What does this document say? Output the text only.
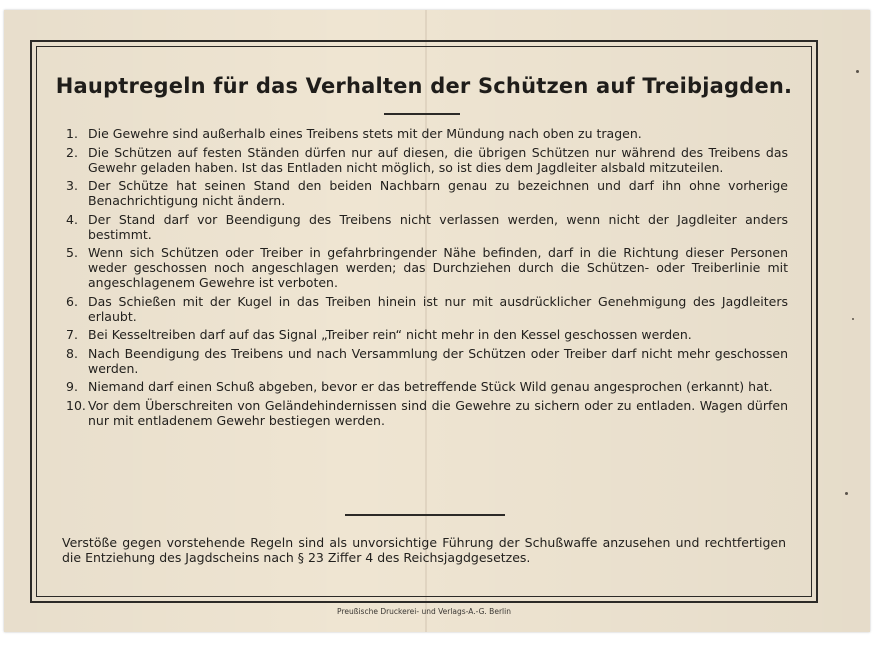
Hauptregeln für das Verhalten der Schützen auf Treibjagden.
1. Die Gewehre sind außerhalb eines Treibens stets mit der Mündung nach oben zu tragen.
2. Die Schützen auf festen Ständen dürfen nur auf diesen, die übrigen Schützen nur während des Treibens das Gewehr geladen haben. Ist das Entladen nicht möglich, so ist dies dem Jagdleiter alsbald mitzuteilen.
3. Der Schütze hat seinen Stand den beiden Nachbarn genau zu bezeichnen und darf ihn ohne vorherige Benachrichtigung nicht ändern.
4. Der Stand darf vor Beendigung des Treibens nicht verlassen werden, wenn nicht der Jagdleiter anders bestimmt.
5. Wenn sich Schützen oder Treiber in gefahrbringender Nähe befinden, darf in die Richtung dieser Personen weder geschossen noch angeschlagen werden; das Durchziehen durch die Schützen- oder Treiberlinie mit angeschlagenem Gewehre ist verboten.
6. Das Schießen mit der Kugel in das Treiben hinein ist nur mit ausdrücklicher Genehmigung des Jagdleiters erlaubt.
7. Bei Kesseltreiben darf auf das Signal „Treiber rein“ nicht mehr in den Kessel geschossen werden.
8. Nach Beendigung des Treibens und nach Versammlung der Schützen oder Treiber darf nicht mehr geschossen werden.
9. Niemand darf einen Schuß abgeben, bevor er das betreffende Stück Wild genau angesprochen (erkannt) hat.
10. Vor dem Überschreiten von Geländehindernissen sind die Gewehre zu sichern oder zu entladen. Wagen dürfen nur mit entladenem Gewehr bestiegen werden.
Verstöße gegen vorstehende Regeln sind als unvorsichtige Führung der Schußwaffe anzusehen und rechtfertigen die Entziehung des Jagdscheins nach § 23 Ziffer 4 des Reichsjagdgesetzes.
Preußische Druckerei- und Verlags-A.-G. Berlin
